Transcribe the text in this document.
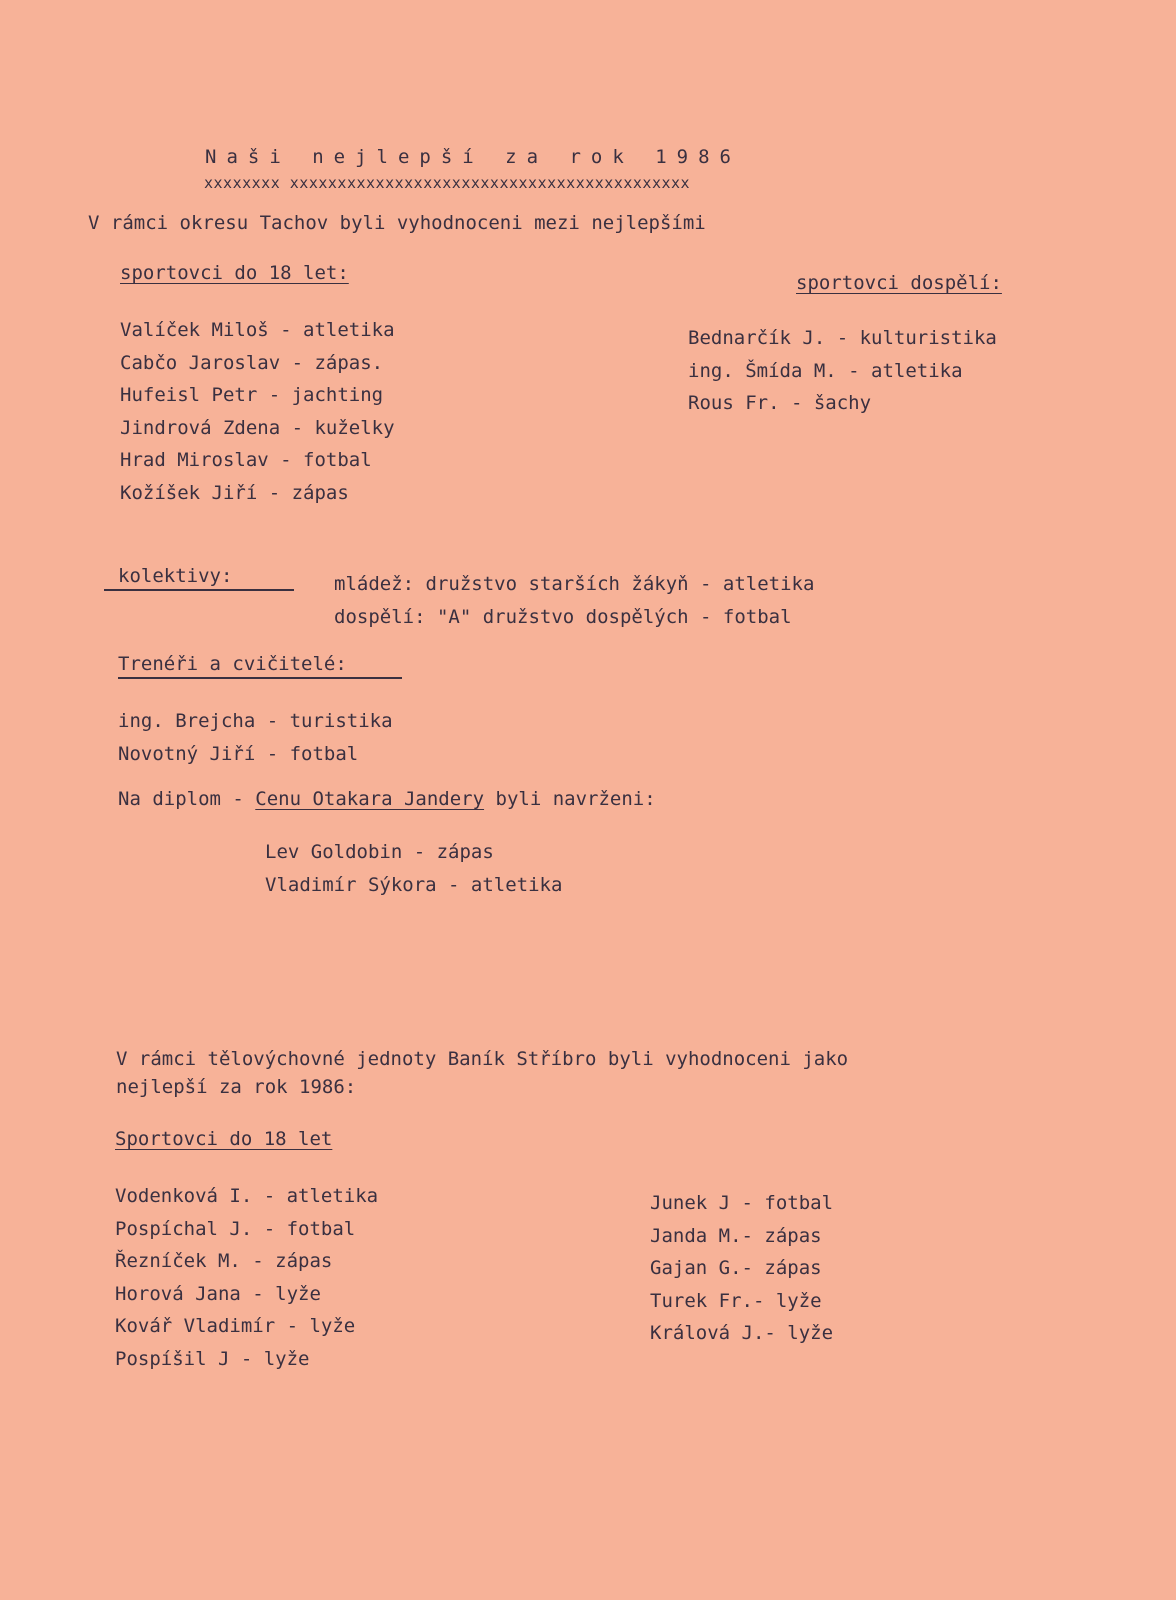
Naši nejlepší za rok 1986
xxxxxxxx xxxxxxxxxxxxxxxxxxxxxxxxxxxxxxxxxxxxxxxxxx
V rámci okresu Tachov byli vyhodnoceni mezi nejlepšími
sportovci do 18 let:	sportovci dospělí:
Valíček Miloš - atletika
Cabčo Jaroslav - zápas.
Hufeisl Petr - jachting
Jindrová Zdena - kuželky
Hrad Miroslav - fotbal
Kožíšek Jiří - zápas
Bednarčík J. - kulturistika
ing. Šmída M. - atletika
Rous Fr. - šachy
kolektivy:	mládež: družstvo starších žákyň - atletika
dospělí: "A" družstvo dospělých - fotbal
Trenéři a cvičitelé:
ing. Brejcha - turistika
Novotný Jiří - fotbal
Na diplom - Cenu Otakara Jandery byli navrženi:
Lev Goldobin - zápas
Vladimír Sýkora - atletika
V rámci tělovýchovné jednoty Baník Stříbro byli vyhodnoceni jako
nejlepší za rok 1986:
Sportovci do 18 let
Vodenková I. - atletika
Pospíchal J. - fotbal
Řezníček M. - zápas
Horová Jana - lyže
Kovář Vladimír - lyže
Pospíšil J - lyže
Junek J - fotbal
Janda M.- zápas
Gajan G.- zápas
Turek Fr.- lyže
Králová J.- lyže
